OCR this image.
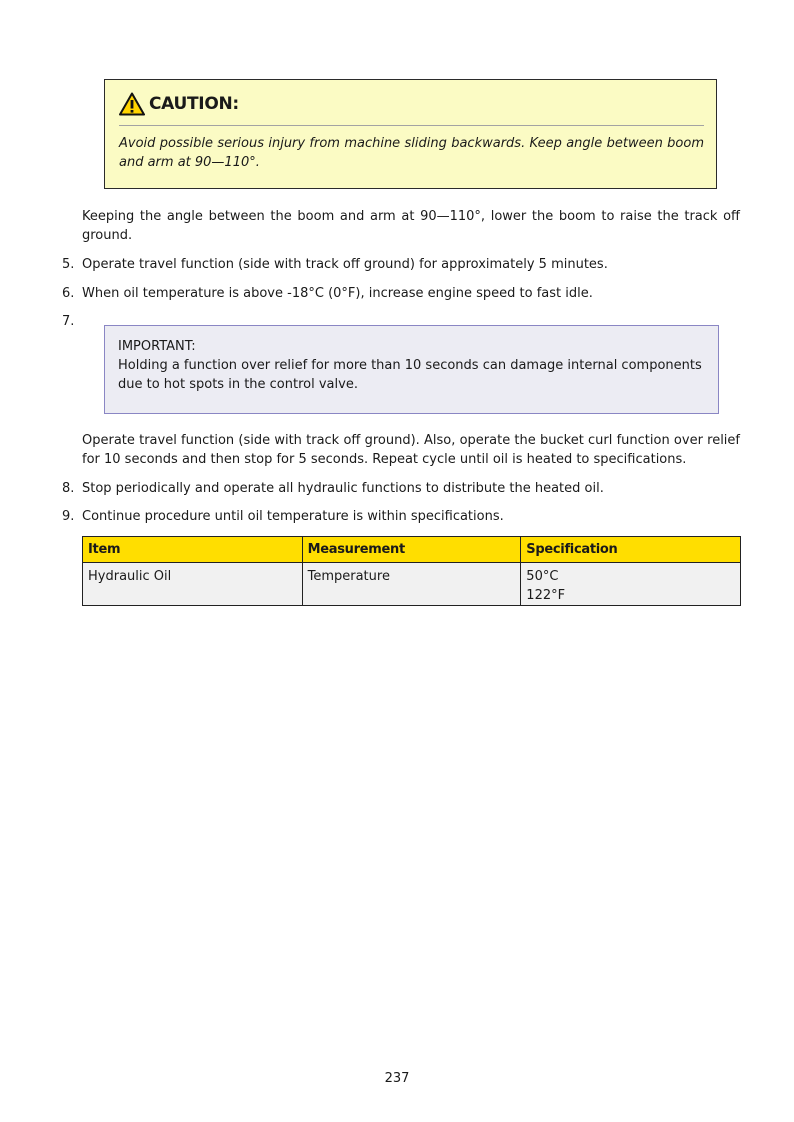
CAUTION:
Avoid possible serious injury from machine sliding backwards. Keep angle between boom and arm at 90—110°.
Keeping the angle between the boom and arm at 90—110°, lower the boom to raise the track off ground.
5. Operate travel function (side with track off ground) for approximately 5 minutes.
6. When oil temperature is above -18°C (0°F), increase engine speed to fast idle.
7.
IMPORTANT:
Holding a function over relief for more than 10 seconds can damage internal components due to hot spots in the control valve.
Operate travel function (side with track off ground). Also, operate the bucket curl function over relief for 10 seconds and then stop for 5 seconds. Repeat cycle until oil is heated to specifications.
8. Stop periodically and operate all hydraulic functions to distribute the heated oil.
9. Continue procedure until oil temperature is within specifications.
Item	Measurement	Specification
Hydraulic Oil	Temperature	50°C
122°F
237
